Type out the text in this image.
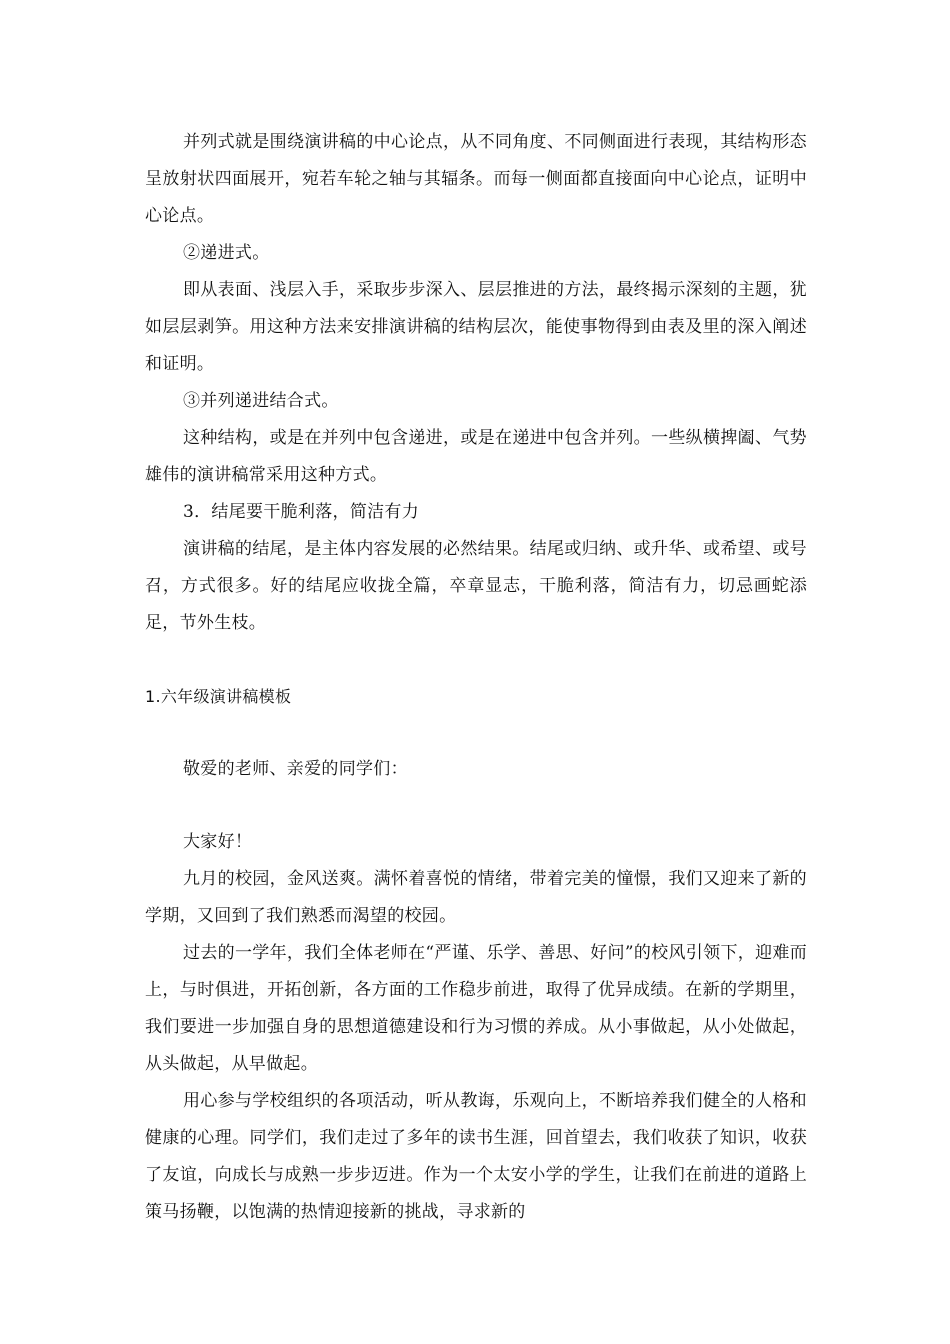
并列式就是围绕演讲稿的中心论点，从不同角度、不同侧面进行表现，其结构形态呈放射状四面展开，宛若车轮之轴与其辐条。而每一侧面都直接面向中心论点，证明中心论点。

②递进式。

即从表面、浅层入手，采取步步深入、层层推进的方法，最终揭示深刻的主题，犹如层层剥笋。用这种方法来安排演讲稿的结构层次，能使事物得到由表及里的深入阐述和证明。

③并列递进结合式。

这种结构，或是在并列中包含递进，或是在递进中包含并列。一些纵横捭阖、气势雄伟的演讲稿常采用这种方式。

3．结尾要干脆利落，简洁有力

演讲稿的结尾，是主体内容发展的必然结果。结尾或归纳、或升华、或希望、或号召，方式很多。好的结尾应收拢全篇，卒章显志，干脆利落，简洁有力，切忌画蛇添足，节外生枝。

1.六年级演讲稿模板

敬爱的老师、亲爱的同学们：

大家好！

九月的校园，金风送爽。满怀着喜悦的情绪，带着完美的憧憬，我们又迎来了新的学期，又回到了我们熟悉而渴望的校园。

过去的一学年，我们全体老师在“严谨、乐学、善思、好问”的校风引领下，迎难而上，与时俱进，开拓创新，各方面的工作稳步前进，取得了优异成绩。在新的学期里，我们要进一步加强自身的思想道德建设和行为习惯的养成。从小事做起，从小处做起，从头做起，从早做起。

用心参与学校组织的各项活动，听从教诲，乐观向上，不断培养我们健全的人格和健康的心理。同学们，我们走过了多年的读书生涯，回首望去，我们收获了知识，收获了友谊，向成长与成熟一步步迈进。作为一个太安小学的学生，让我们在前进的道路上策马扬鞭，以饱满的热情迎接新的挑战，寻求新的
